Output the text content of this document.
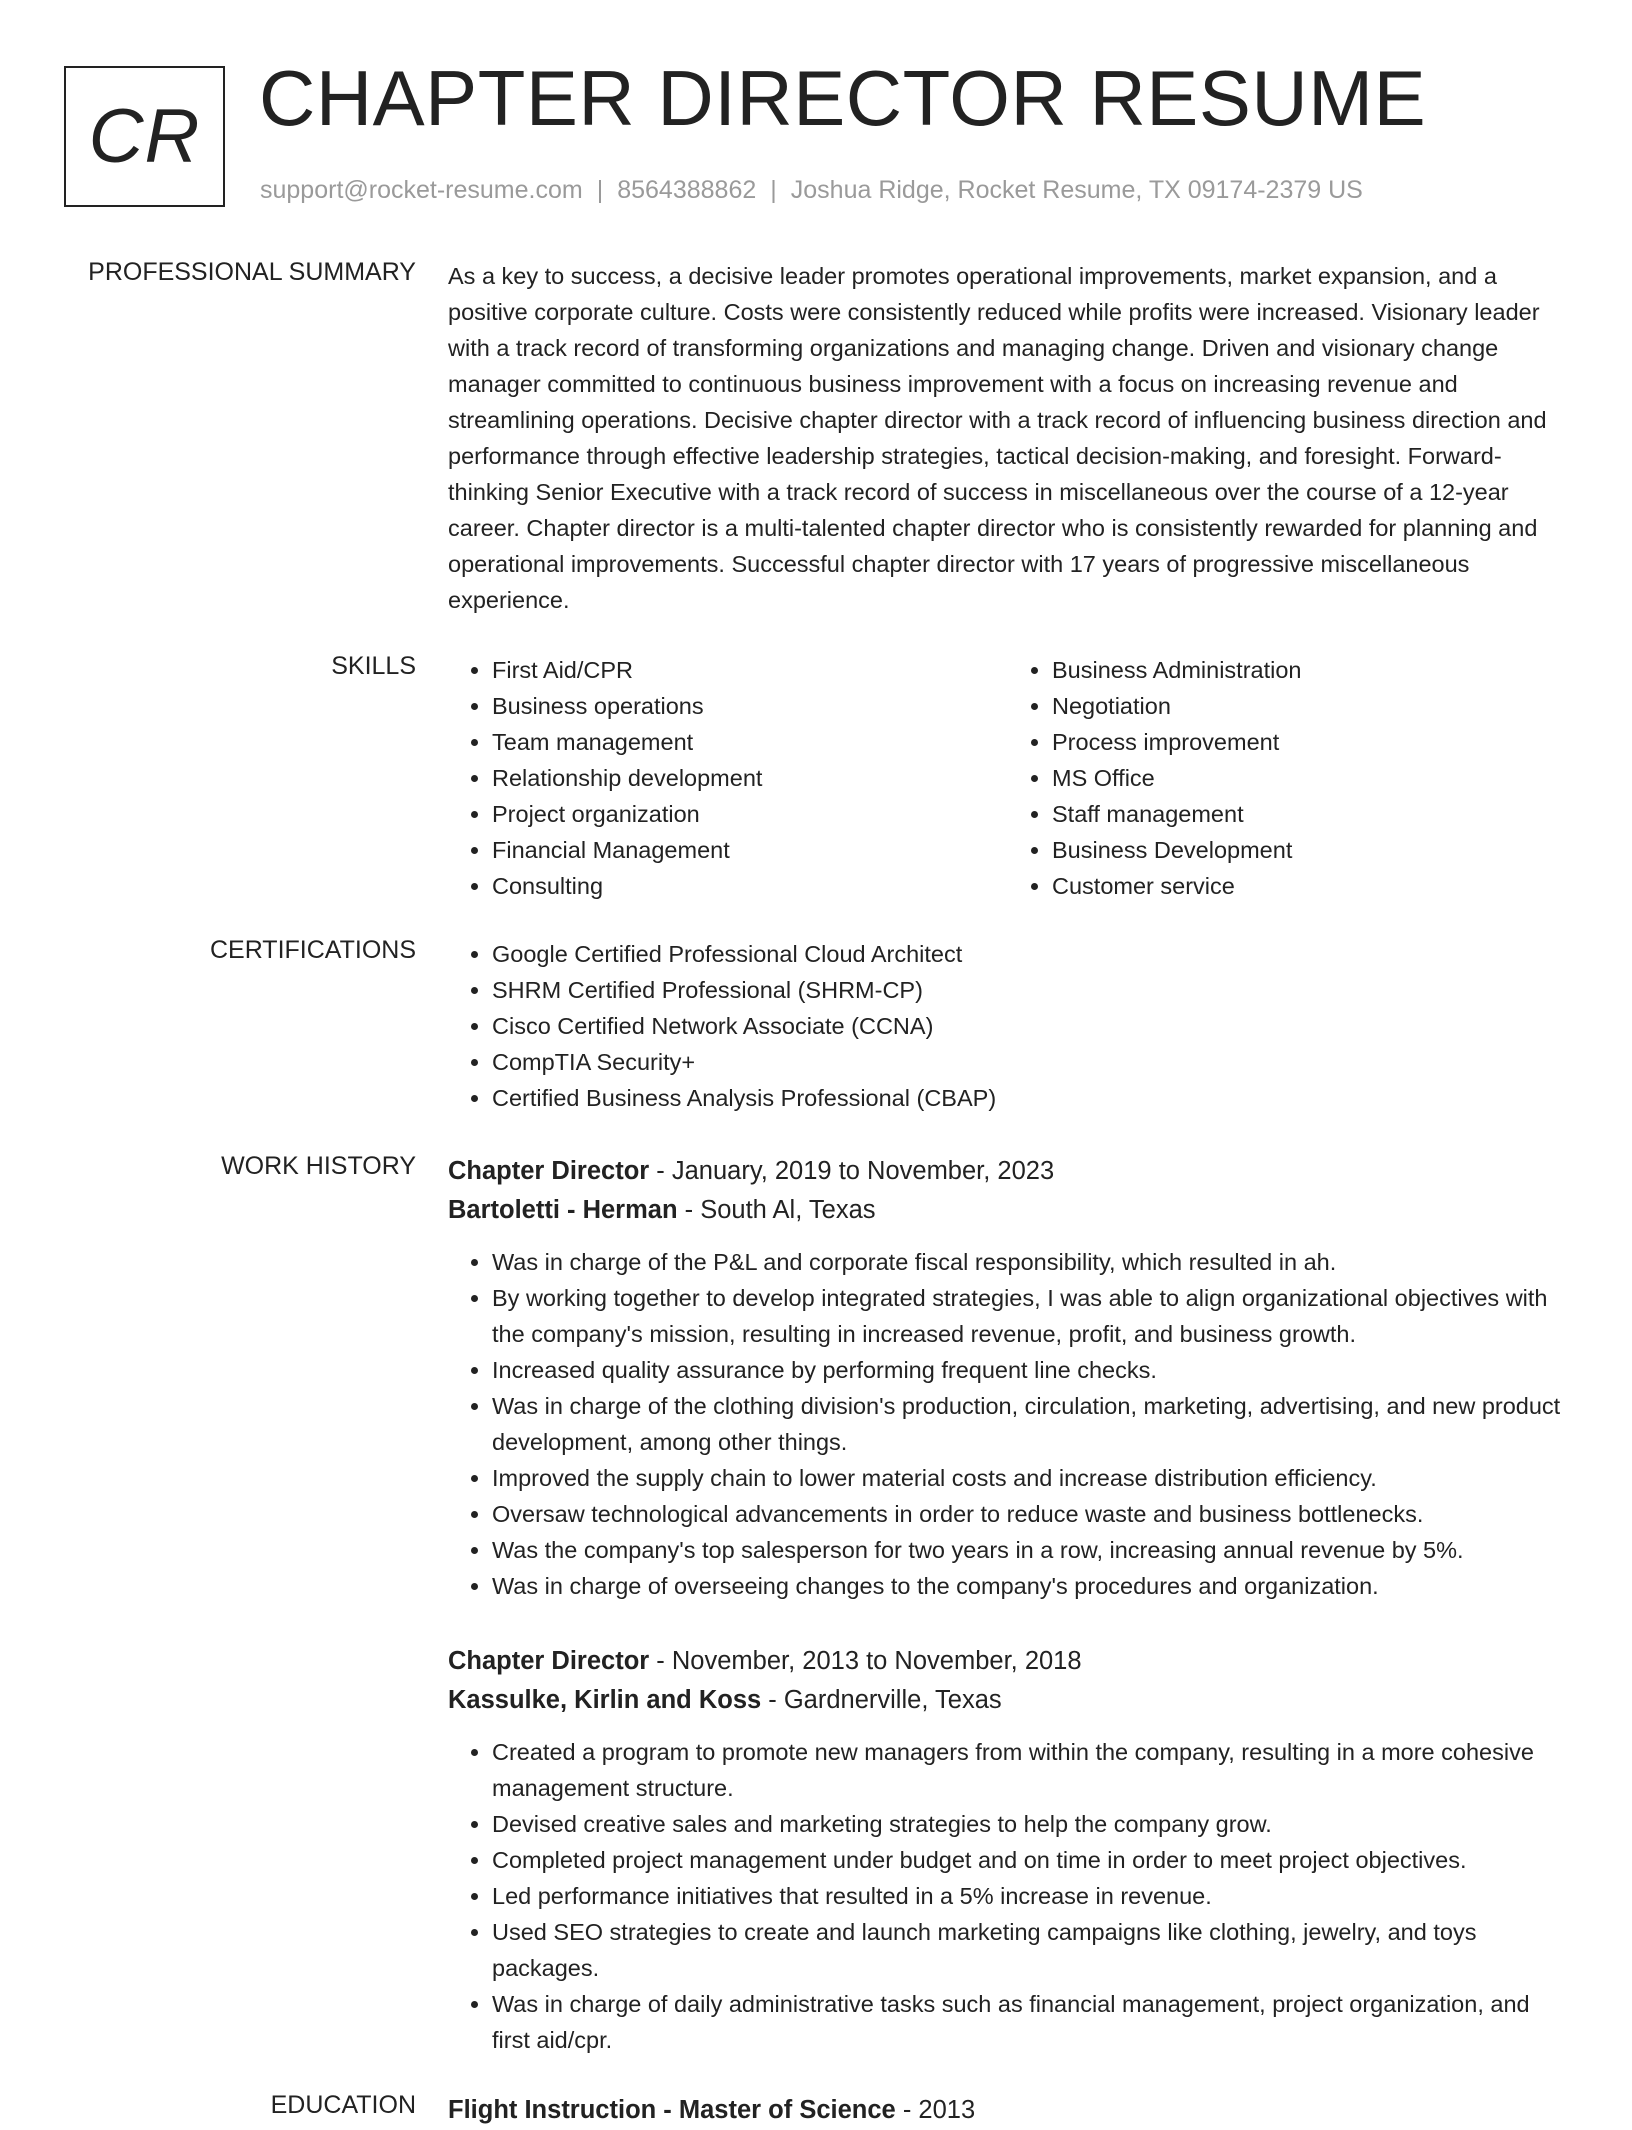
CR CHAPTER DIRECTOR RESUME
support@rocket-resume.com | 8564388862 | Joshua Ridge, Rocket Resume, TX 09174-2379 US
PROFESSIONAL SUMMARY As a key to success, a decisive leader promotes operational improvements, market expansion, and a positive corporate culture. Costs were consistently reduced while profits were increased. Visionary leader with a track record of transforming organizations and managing change. Driven and visionary change manager committed to continuous business improvement with a focus on increasing revenue and streamlining operations. Decisive chapter director with a track record of influencing business direction and performance through effective leadership strategies, tactical decision-making, and foresight. Forward-thinking Senior Executive with a track record of success in miscellaneous over the course of a 12-year career. Chapter director is a multi-talented chapter director who is consistently rewarded for planning and operational improvements. Successful chapter director with 17 years of progressive miscellaneous experience.

SKILLS	• First Aid/CPR
• Business operations
• Team management
• Relationship development
• Project organization
• Financial Management
• Consulting
• Business Administration
• Negotiation
• Process improvement
• MS Office
• Staff management
• Business Development
• Customer service
CERTIFICATIONS	• Google Certified Professional Cloud Architect
• SHRM Certified Professional (SHRM-CP)
• Cisco Certified Network Associate (CCNA)
• CompTIA Security+
• Certified Business Analysis Professional (CBAP)
WORK HISTORY Chapter Director - January, 2019 to November, 2023
Bartoletti - Herman - South Al, Texas
• Was in charge of the P&L and corporate fiscal responsibility, which resulted in ah.
• By working together to develop integrated strategies, I was able to align organizational objectives with the company's mission, resulting in increased revenue, profit, and business growth.
• Increased quality assurance by performing frequent line checks.
• Was in charge of the clothing division's production, circulation, marketing, advertising, and new product development, among other things.
• Improved the supply chain to lower material costs and increase distribution efficiency.
• Oversaw technological advancements in order to reduce waste and business bottlenecks.
• Was the company's top salesperson for two years in a row, increasing annual revenue by 5%.
• Was in charge of overseeing changes to the company's procedures and organization.
Chapter Director - November, 2013 to November, 2018
Kassulke, Kirlin and Koss - Gardnerville, Texas
• Created a program to promote new managers from within the company, resulting in a more cohesive management structure.
• Devised creative sales and marketing strategies to help the company grow.
• Completed project management under budget and on time in order to meet project objectives.
• Led performance initiatives that resulted in a 5% increase in revenue.
• Used SEO strategies to create and launch marketing campaigns like clothing, jewelry, and toys packages.
• Was in charge of daily administrative tasks such as financial management, project organization, and first aid/cpr.
EDUCATION Flight Instruction - Master of Science - 2013
